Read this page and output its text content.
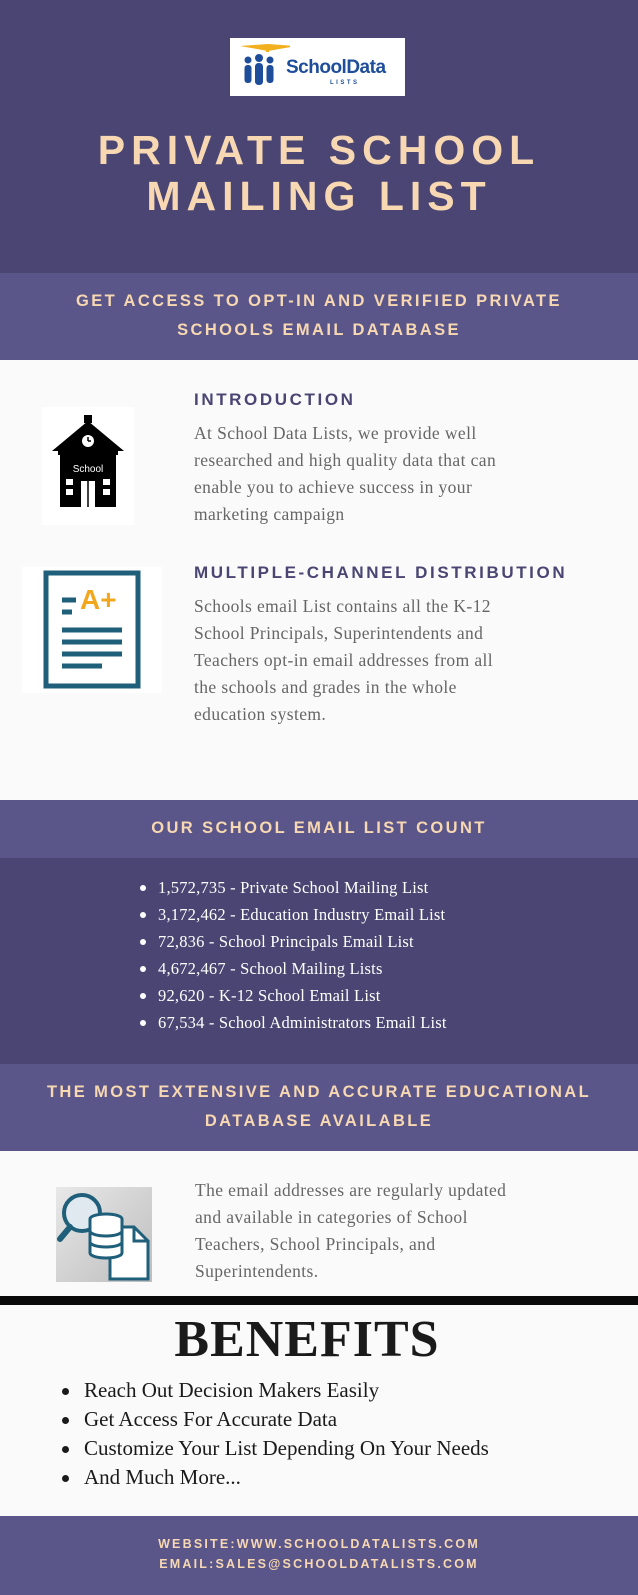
SchoolData
LISTS
PRIVATE SCHOOL
MAILING LIST
GET ACCESS TO OPT-IN AND VERIFIED PRIVATE
SCHOOLS EMAIL DATABASE
School
INTRODUCTION
At School Data Lists, we provide well
researched and high quality data that can
enable you to achieve success in your
marketing campaign
A+
MULTIPLE-CHANNEL DISTRIBUTION
Schools email List contains all the K-12
School Principals, Superintendents and
Teachers opt-in email addresses from all
the schools and grades in the whole
education system.
OUR SCHOOL EMAIL LIST COUNT
1,572,735 - Private School Mailing List
3,172,462 - Education Industry Email List
72,836 - School Principals Email List
4,672,467 - School Mailing Lists
92,620 - K-12 School Email List
67,534 - School Administrators Email List
THE MOST EXTENSIVE AND ACCURATE EDUCATIONAL
DATABASE AVAILABLE
The email addresses are regularly updated
and available in categories of School
Teachers, School Principals, and
Superintendents.
BENEFITS
Reach Out Decision Makers Easily
Get Access For Accurate Data
Customize Your List Depending On Your Needs
And Much More...
WEBSITE:WWW.SCHOOLDATALISTS.COM
EMAIL:SALES@SCHOOLDATALISTS.COM
